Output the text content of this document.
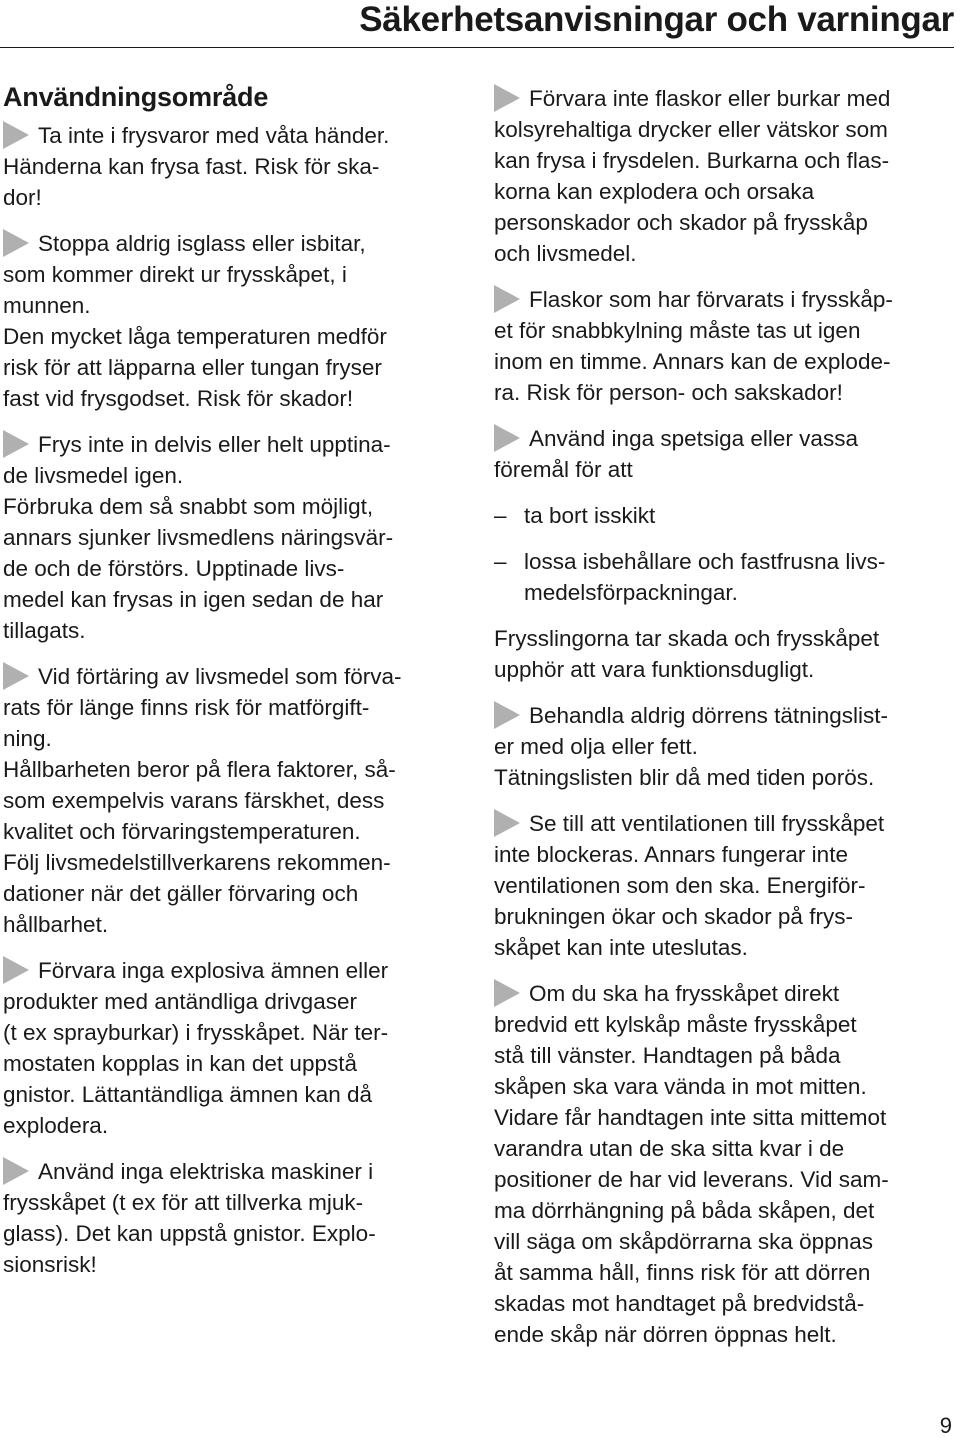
Säkerhetsanvisningar och varningar
Användningsområde
Ta inte i frysvaror med våta händer.
Händerna kan frysa fast. Risk för ska-
dor!
Stoppa aldrig isglass eller isbitar,
som kommer direkt ur frysskåpet, i
munnen.
Den mycket låga temperaturen medför
risk för att läpparna eller tungan fryser
fast vid frysgodset. Risk för skador!
Frys inte in delvis eller helt upptina-
de livsmedel igen.
Förbruka dem så snabbt som möjligt,
annars sjunker livsmedlens näringsvär-
de och de förstörs. Upptinade livs-
medel kan frysas in igen sedan de har
tillagats.
Vid förtäring av livsmedel som förva-
rats för länge finns risk för matförgift-
ning.
Hållbarheten beror på flera faktorer, så-
som exempelvis varans färskhet, dess
kvalitet och förvaringstemperaturen.
Följ livsmedelstillverkarens rekommen-
dationer när det gäller förvaring och
hållbarhet.
Förvara inga explosiva ämnen eller
produkter med antändliga drivgaser
(t ex sprayburkar) i frysskåpet. När ter-
mostaten kopplas in kan det uppstå
gnistor. Lättantändliga ämnen kan då
explodera.
Använd inga elektriska maskiner i
frysskåpet (t ex för att tillverka mjuk-
glass). Det kan uppstå gnistor. Explo-
sionsrisk!
Förvara inte flaskor eller burkar med
kolsyrehaltiga drycker eller vätskor som
kan frysa i frysdelen. Burkarna och flas-
korna kan explodera och orsaka
personskador och skador på frysskåp
och livsmedel.
Flaskor som har förvarats i frysskåp-
et för snabbkylning måste tas ut igen
inom en timme. Annars kan de explode-
ra. Risk för person- och sakskador!
Använd inga spetsiga eller vassa
föremål för att
– ta bort isskikt
– lossa isbehållare och fastfrusna livs-
medelsförpackningar.
Frysslingorna tar skada och frysskåpet
upphör att vara funktionsdugligt.
Behandla aldrig dörrens tätningslist-
er med olja eller fett.
Tätningslisten blir då med tiden porös.
Se till att ventilationen till frysskåpet
inte blockeras. Annars fungerar inte
ventilationen som den ska. Energiför-
brukningen ökar och skador på frys-
skåpet kan inte uteslutas.
Om du ska ha frysskåpet direkt
bredvid ett kylskåp måste frysskåpet
stå till vänster. Handtagen på båda
skåpen ska vara vända in mot mitten.
Vidare får handtagen inte sitta mittemot
varandra utan de ska sitta kvar i de
positioner de har vid leverans. Vid sam-
ma dörrhängning på båda skåpen, det
vill säga om skåpdörrarna ska öppnas
åt samma håll, finns risk för att dörren
skadas mot handtaget på bredvidstå-
ende skåp när dörren öppnas helt.
9
